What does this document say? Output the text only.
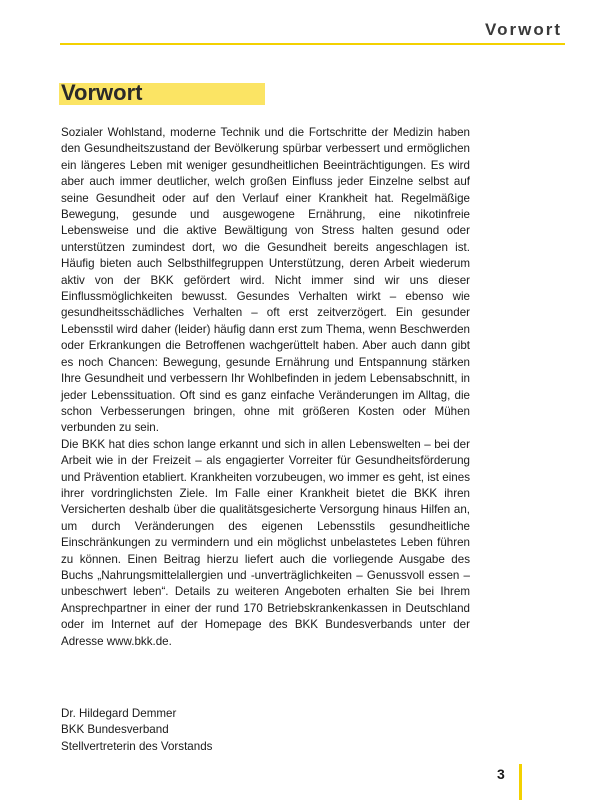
Vorwort
Vorwort

Sozialer Wohlstand, moderne Technik und die Fortschritte der Medizin haben den Gesundheitszustand der Bevölkerung spürbar verbessert und ermöglichen ein längeres Leben mit weniger gesundheitlichen Beeinträchtigungen. Es wird aber auch immer deutlicher, welch großen Einfluss jeder Einzelne selbst auf seine Gesundheit oder auf den Verlauf einer Krankheit hat. Regelmäßige Bewegung, gesunde und ausgewogene Ernährung, eine nikotinfreie Lebensweise und die aktive Bewältigung von Stress halten gesund oder unterstützen zumindest dort, wo die Gesundheit bereits angeschlagen ist. Häufig bieten auch Selbsthilfegruppen Unterstützung, deren Arbeit wiederum aktiv von der BKK gefördert wird. Nicht immer sind wir uns dieser Einflussmöglichkeiten bewusst. Gesundes Verhalten wirkt – ebenso wie gesundheitsschädliches Verhalten – oft erst zeitverzögert. Ein gesunder Lebensstil wird daher (leider) häufig dann erst zum Thema, wenn Beschwerden oder Erkrankungen die Betroffenen wachgerüttelt haben. Aber auch dann gibt es noch Chancen: Bewegung, gesunde Ernährung und Entspannung stärken Ihre Gesundheit und verbessern Ihr Wohlbefinden in jedem Lebensabschnitt, in jeder Lebenssituation. Oft sind es ganz einfache Veränderungen im Alltag, die schon Verbesserungen bringen, ohne mit größeren Kosten oder Mühen verbunden zu sein.

Die BKK hat dies schon lange erkannt und sich in allen Lebenswelten – bei der Arbeit wie in der Freizeit – als engagierter Vorreiter für Gesundheitsförderung und Prävention etabliert. Krankheiten vorzubeugen, wo immer es geht, ist eines ihrer vordringlichsten Ziele. Im Falle einer Krankheit bietet die BKK ihren Versicherten deshalb über die qualitätsgesicherte Versorgung hinaus Hilfen an, um durch Veränderungen des eigenen Lebensstils gesundheitliche Einschränkungen zu vermindern und ein möglichst unbelastetes Leben führen zu können. Einen Beitrag hierzu liefert auch die vorliegende Ausgabe des Buchs „Nahrungsmittelallergien und -unverträglichkeiten – Genussvoll essen – unbeschwert leben“. Details zu weiteren Angeboten erhalten Sie bei Ihrem Ansprechpartner in einer der rund 170 Betriebskrankenkassen in Deutschland oder im Internet auf der Homepage des BKK Bundesverbands unter der Adresse www.bkk.de.

Dr. Hildegard Demmer
BKK Bundesverband
Stellvertreterin des Vorstands
3
